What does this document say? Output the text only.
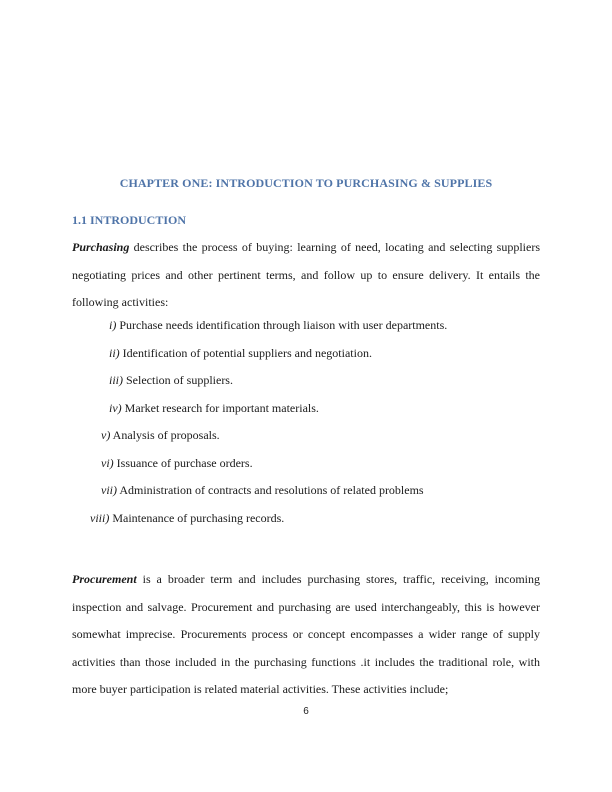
CHAPTER ONE: INTRODUCTION TO PURCHASING & SUPPLIES
1.1 INTRODUCTION
Purchasing describes the process of buying: learning of need, locating and selecting suppliers negotiating prices and other pertinent terms, and follow up to ensure delivery. It entails the following activities:
i) Purchase needs identification through liaison with user departments.
ii) Identification of potential suppliers and negotiation.
iii) Selection of suppliers.
iv) Market research for important materials.
v) Analysis of proposals.
vi) Issuance of purchase orders.
vii) Administration of contracts and resolutions of related problems
viii) Maintenance of purchasing records.
Procurement is a broader term and includes purchasing stores, traffic, receiving, incoming inspection and salvage. Procurement and purchasing are used interchangeably, this is however somewhat imprecise. Procurements process or concept encompasses a wider range of supply activities than those included in the purchasing functions .it includes the traditional role, with more buyer participation is related material activities. These activities include;
6
